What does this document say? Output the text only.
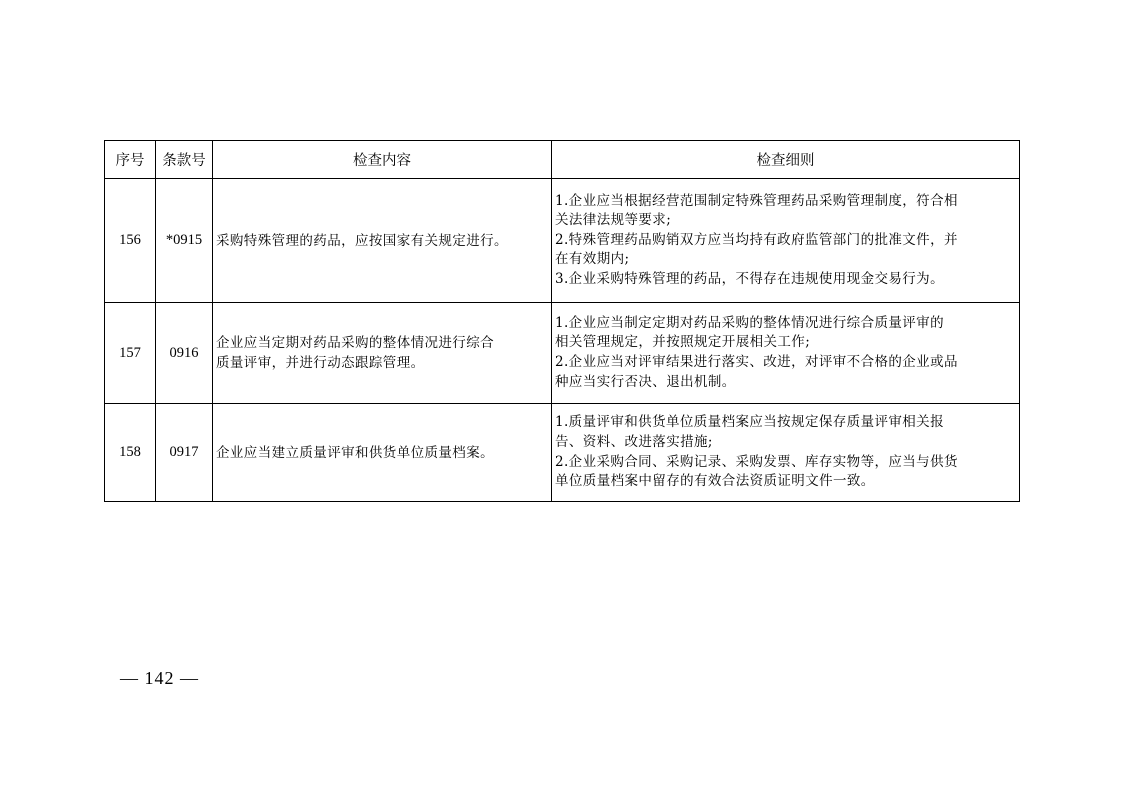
序号	条款号	检查内容	检查细则
156	*0915	采购特殊管理的药品，应按国家有关规定进行。	1.企业应当根据经营范围制定特殊管理药品采购管理制度，符合相
关法律法规等要求;
2.特殊管理药品购销双方应当均持有政府监管部门的批准文件，并
在有效期内;
3.企业采购特殊管理的药品，不得存在违规使用现金交易行为。

157	0916	企业应当定期对药品采购的整体情况进行综合
质量评审，并进行动态跟踪管理。	1.企业应当制定定期对药品采购的整体情况进行综合质量评审的
相关管理规定，并按照规定开展相关工作;
2.企业应当对评审结果进行落实、改进，对评审不合格的企业或品
种应当实行否决、退出机制。

158	0917	企业应当建立质量评审和供货单位质量档案。	1.质量评审和供货单位质量档案应当按规定保存质量评审相关报
告、资料、改进落实措施;
2.企业采购合同、采购记录、采购发票、库存实物等，应当与供货
单位质量档案中留存的有效合法资质证明文件一致。
— 142 —
